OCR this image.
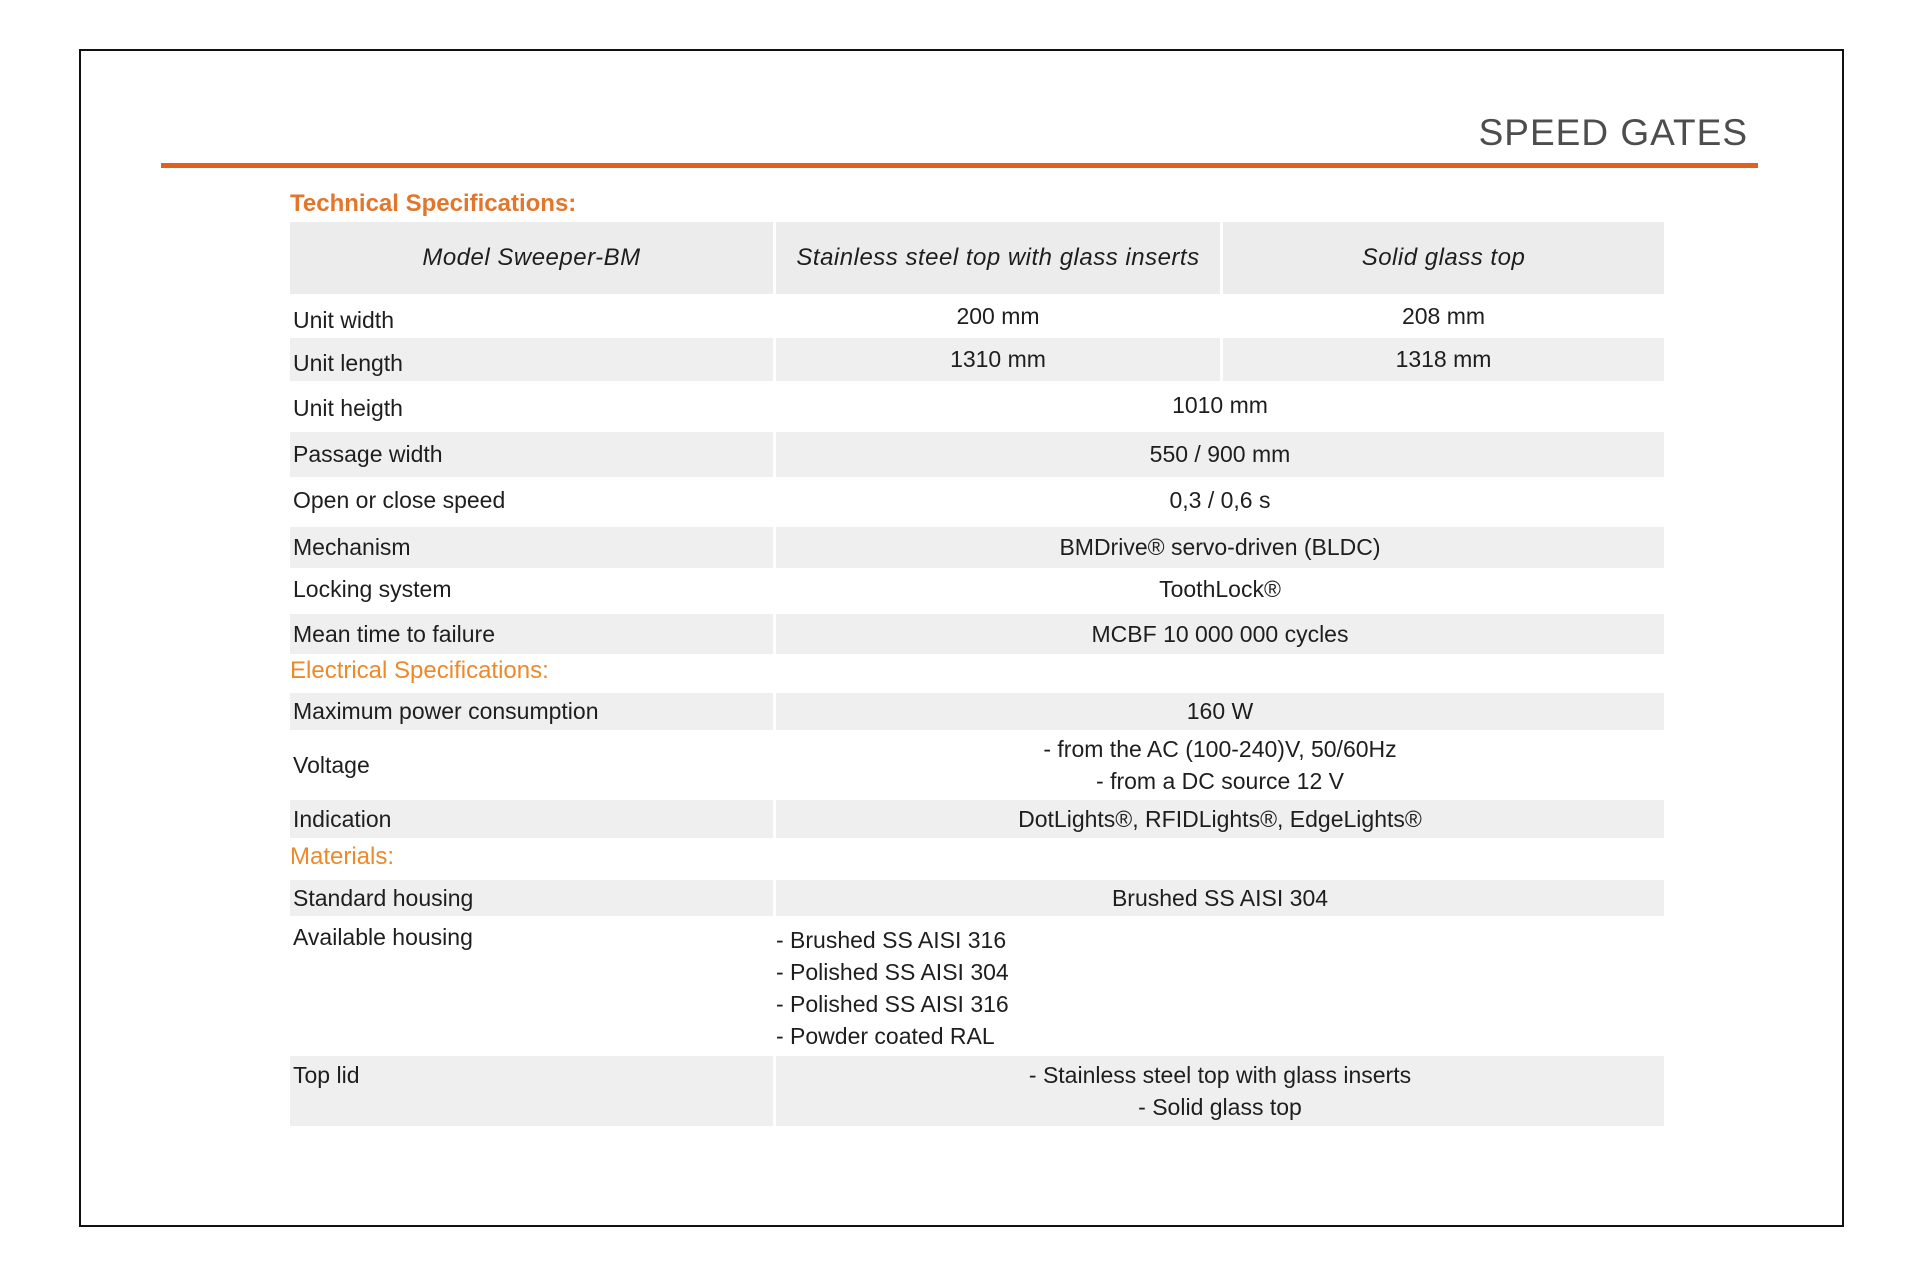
SPEED GATES
Technical Specifications:
Model Sweeper-BM	Stainless steel top with glass inserts	Solid glass top
Unit width	200 mm	208 mm
Unit length	1310 mm	1318 mm
Unit heigth	1010 mm
Passage width	550 / 900 mm
Open or close speed	0,3 / 0,6 s
Mechanism	BMDrive® servo-driven (BLDC)
Locking system	ToothLock®
Mean time to failure	MCBF 10 000 000 cycles
Electrical Specifications:
Maximum power consumption	160 W
Voltage
- from the AC (100-240)V, 50/60Hz
- from a DC source 12 V
Indication	DotLights®, RFIDLights®, EdgeLights®
Materials:
Standard housing	Brushed SS AISI 304
Available housing	- Brushed SS AISI 316
- Polished SS AISI 304
- Polished SS AISI 316
- Powder coated RAL
Top lid	- Stainless steel top with glass inserts
- Solid glass top
